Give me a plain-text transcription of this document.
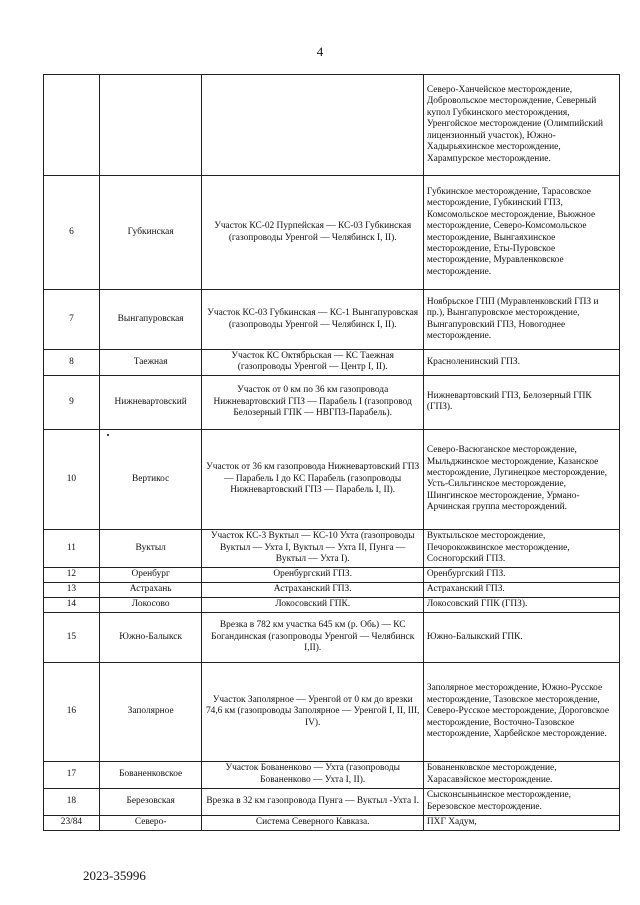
4
			Северо-Ханчейское месторождение, Добровольское месторождение, Северный купол Губкинского месторождения, Уренгойское месторождение (Олимпийский лицензионный участок), Южно-Хадырьяхинское месторождение, Харампурское месторождение.
6	Губкинская	Участок КС-02 Пурпейская — КС-03 Губкинская (газопроводы Уренгой — Челябинск I, II).	Губкинское месторождение, Тарасовское месторождение, Губкинский ГПЗ, Комсомольское месторождение, Вьюжное месторождение, Северо-Комсомольское месторождение, Вынгаяхинское месторождение, Еты-Пуровское месторождение, Муравленковское месторождение.
7	Вынгапуровская	Участок КС-03 Губкинская — КС-1 Вынгапуровская (газопроводы Уренгой — Челябинск I, II).	Ноябрьское ГПП (Муравленковский ГПЗ и пр.), Вынгапуровское месторождение, Вынгапуровский ГПЗ, Новогоднее месторождение.
8	Таежная	Участок КС Октябрьская — КС Таежная (газопроводы Уренгой — Центр I, II).	Красноленинский ГПЗ.
9	Нижневартовский	Участок от 0 км по 36 км газопровода Нижневартовский ГПЗ — Парабель I (газопровод Белозерный ГПК — НВГПЗ-Парабель).	Нижневартовский ГПЗ, Белозерный ГПК (ГПЗ).
10	Вертикос	Участок от 36 км газопровода Нижневартовский ГПЗ — Парабель I до КС Парабель (газопроводы Нижневартовский ГПЗ — Парабель I, II).	Северо-Васюганское месторождение, Мыльджинское месторождение, Казанское месторождение, Лугинецкое месторождение, Усть-Сильгинское месторождение, Шингинское месторождение, Урмано-Арчинская группа месторождений.
11	Вуктыл	Участок КС-3 Вуктыл — КС-10 Ухта (газопроводы Вуктыл — Ухта I, Вуктыл — Ухта II, Пунга — Вуктыл — Ухта I).	Вуктыльское месторождение, Печорокожвинское месторождение, Сосногорский ГПЗ.
12	Оренбург	Оренбургский ГПЗ.	Оренбургский ГПЗ.
13	Астрахань	Астраханский ГПЗ.	Астраханский ГПЗ.
14	Локосово	Локосовский ГПК.	Локосовский ГПК (ГПЗ).
15	Южно-Балыкск	Врезка в 782 км участка 645 км (р. Обь) — КС Богандинская (газопроводы Уренгой — Челябинск I,II).	Южно-Балыкский ГПК.
16	Заполярное	Участок Заполярное — Уренгой от 0 км до врезки 74,6 км (газопроводы Заполярное — Уренгой I, II, III, IV).	Заполярное месторождение, Южно-Русское месторождение, Тазовское месторождение, Северо-Русское месторождение, Дороговское месторождение, Восточно-Тазовское месторождение, Харбейское месторождение.
17	Бованенковское	Участок Бованенково — Ухта (газопроводы Бованенково — Ухта I, II).	Бованенковское месторождение, Харасавэйское месторождение.
18	Березовская	Врезка в 32 км газопровода Пунга — Вуктыл -Ухта I.	Сысконсыньинское месторождение, Березовское месторождение.
23/84	Северо-	Система Северного Кавказа.	ПХГ Хадум,
2023-35996
